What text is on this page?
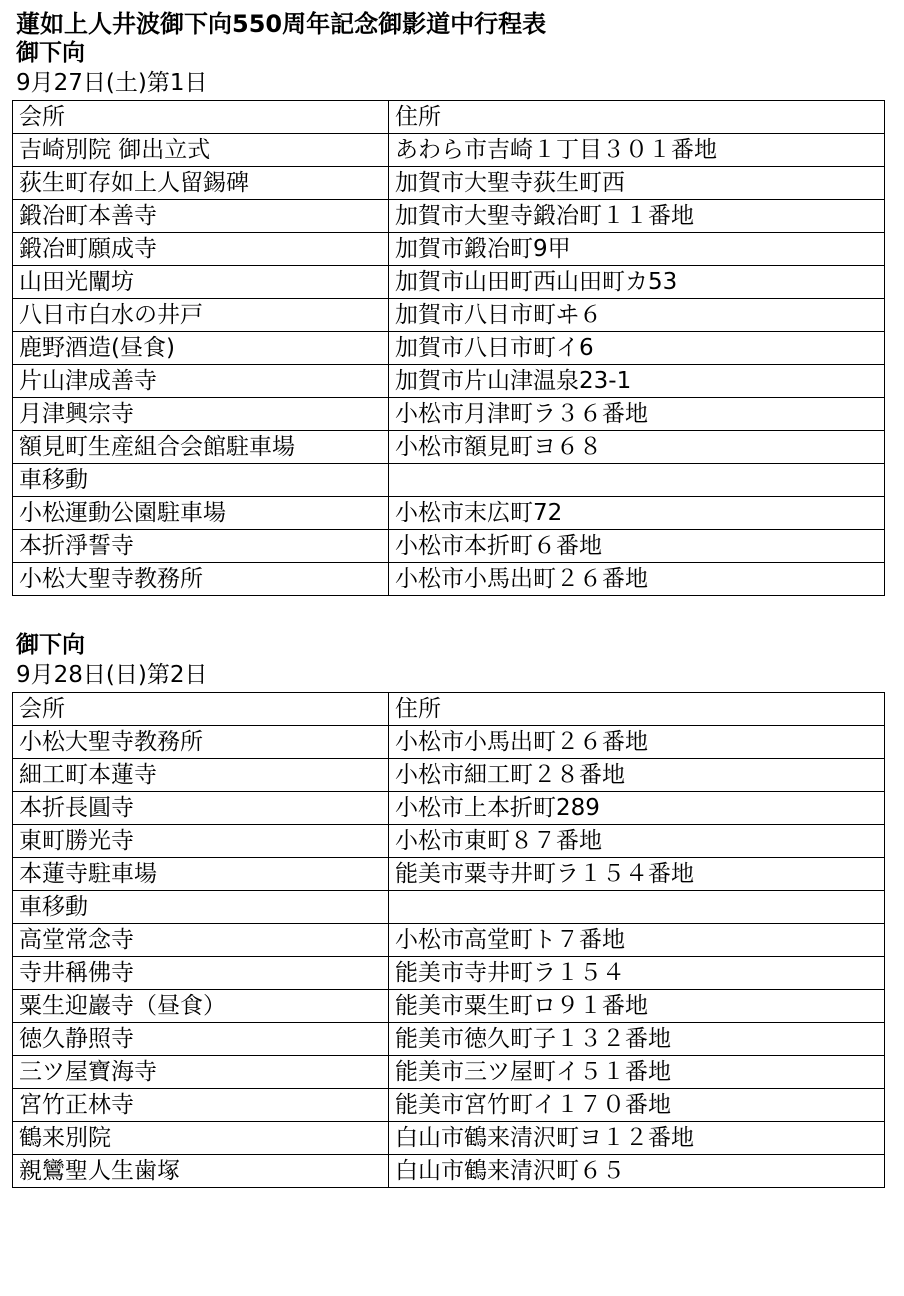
蓮如上人井波御下向550周年記念御影道中行程表
御下向
9月27日(土)第1日
会所	住所
吉崎別院 御出立式	あわら市吉崎１丁目３０１番地
荻生町存如上人留錫碑	加賀市大聖寺荻生町西
鍛冶町本善寺	加賀市大聖寺鍛冶町１１番地
鍛冶町願成寺	加賀市鍛冶町9甲
山田光闡坊	加賀市山田町西山田町カ53
八日市白水の井戸	加賀市八日市町ヰ６
鹿野酒造(昼食)	加賀市八日市町イ6
片山津成善寺	加賀市片山津温泉23-1
月津興宗寺	小松市月津町ラ３６番地
額見町生産組合会館駐車場	小松市額見町ヨ６８
車移動	
小松運動公園駐車場	小松市末広町72
本折淨誓寺	小松市本折町６番地
小松大聖寺教務所	小松市小馬出町２６番地
御下向
9月28日(日)第2日
会所	住所
小松大聖寺教務所	小松市小馬出町２６番地
細工町本蓮寺	小松市細工町２８番地
本折長圓寺	小松市上本折町289
東町勝光寺	小松市東町８７番地
本蓮寺駐車場	能美市粟寺井町ラ１５４番地
車移動	
高堂常念寺	小松市高堂町ト７番地
寺井稱佛寺	能美市寺井町ラ１５４
粟生迎巖寺（昼食）	能美市粟生町ロ９１番地
徳久静照寺	能美市徳久町子１３２番地
三ツ屋寶海寺	能美市三ツ屋町イ５１番地
宮竹正林寺	能美市宮竹町イ１７０番地
鶴来別院	白山市鶴来清沢町ヨ１２番地
親鸞聖人生歯塚	白山市鶴来清沢町６５
